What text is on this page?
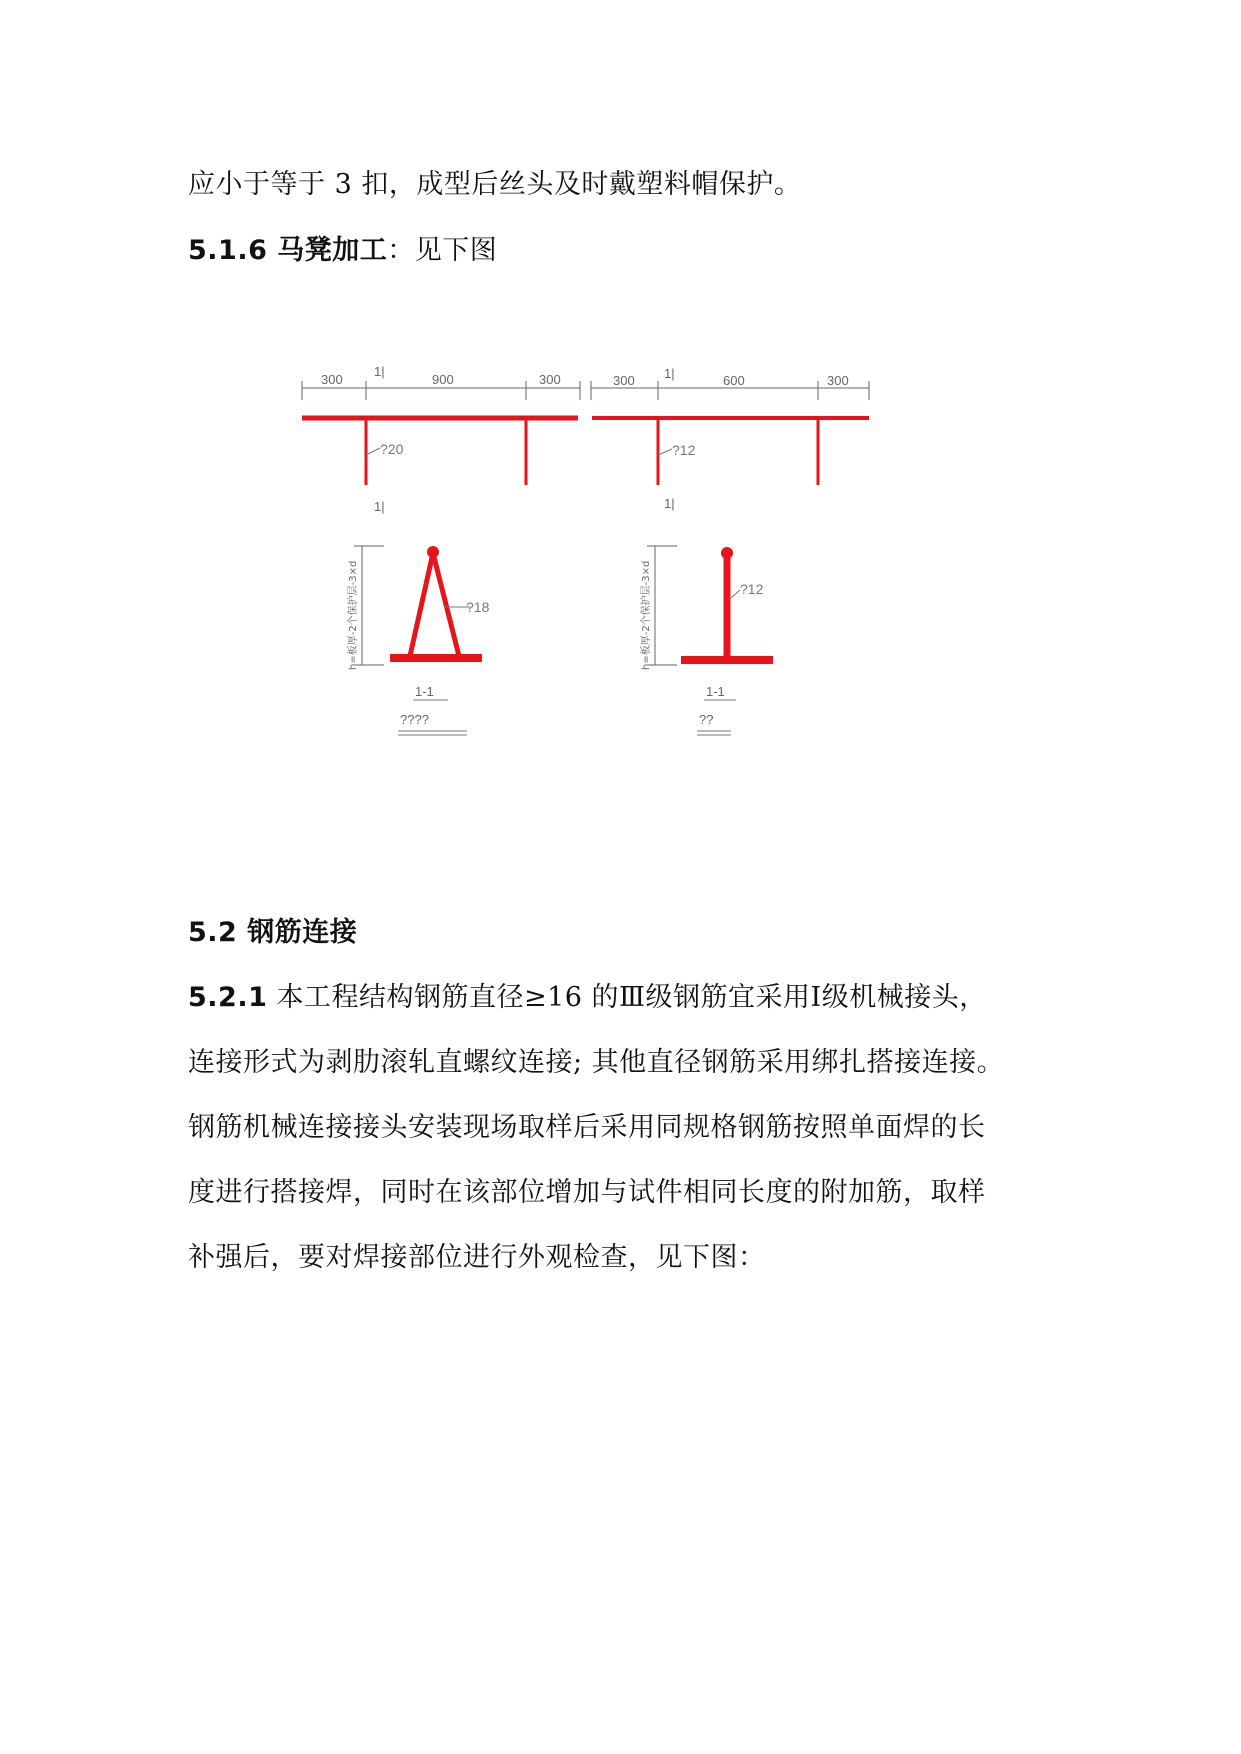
应小于等于 3 扣，成型后丝头及时戴塑料帽保护。
5.1.6 马凳加工：见下图
300	900	300
1|
?20
1|
300	600	300
1|
?12
1|
h=板厚-2个保护层-3×d	?18
1-1
????
h=板厚-2个保护层-3×d	?12
1-1
??
5.2 钢筋连接
5.2.1 本工程结构钢筋直径≥16 的Ⅲ级钢筋宜采用Ⅰ级机械接头，
连接形式为剥肋滚轧直螺纹连接; 其他直径钢筋采用绑扎搭接连接。
钢筋机械连接接头安装现场取样后采用同规格钢筋按照单面焊的长
度进行搭接焊，同时在该部位增加与试件相同长度的附加筋，取样
补强后，要对焊接部位进行外观检查，见下图：
